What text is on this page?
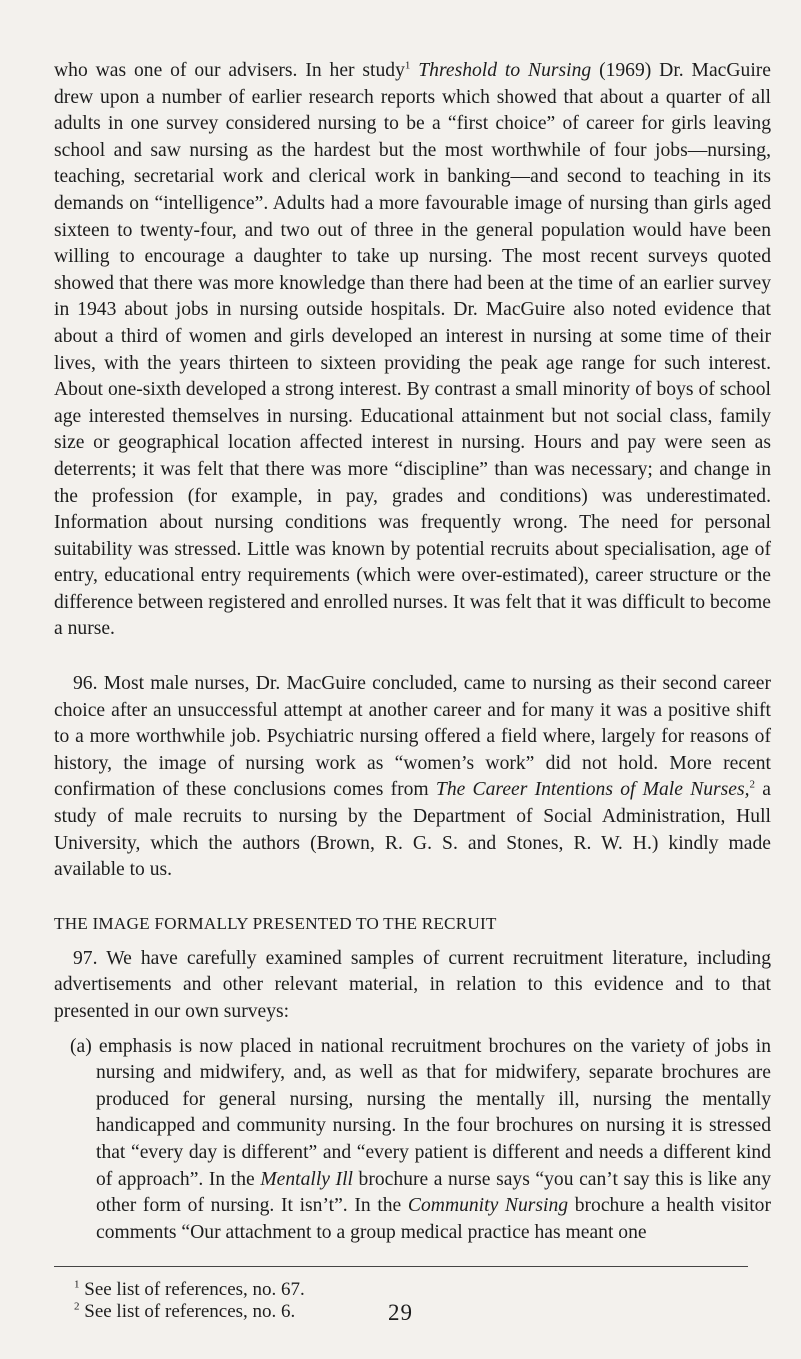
who was one of our advisers. In her study$^1$ Threshold to Nursing (1969) Dr. MacGuire drew upon a number of earlier research reports which showed that about a quarter of all adults in one survey considered nursing to be a “first choice” of career for girls leaving school and saw nursing as the hardest but the most worthwhile of four jobs—nursing, teaching, secretarial work and clerical work in banking—and second to teaching in its demands on “intelligence”. Adults had a more favourable image of nursing than girls aged sixteen to twenty-four, and two out of three in the general population would have been willing to encourage a daughter to take up nursing. The most recent surveys quoted showed that there was more knowledge than there had been at the time of an earlier survey in 1943 about jobs in nursing outside hospitals. Dr. MacGuire also noted evidence that about a third of women and girls developed an interest in nursing at some time of their lives, with the years thirteen to sixteen providing the peak age range for such interest. About one-sixth developed a strong interest. By contrast a small minority of boys of school age interested themselves in nursing. Educational attainment but not social class, family size or geographical location affected interest in nursing. Hours and pay were seen as deterrents; it was felt that there was more “discipline” than was necessary; and change in the profession (for example, in pay, grades and conditions) was underestimated. Information about nursing conditions was frequently wrong. The need for personal suitability was stressed. Little was known by potential recruits about specialisation, age of entry, educational entry requirements (which were over-estimated), career structure or the difference between registered and enrolled nurses. It was felt that it was difficult to become a nurse.

96. Most male nurses, Dr. MacGuire concluded, came to nursing as their second career choice after an unsuccessful attempt at another career and for many it was a positive shift to a more worthwhile job. Psychiatric nursing offered a field where, largely for reasons of history, the image of nursing work as “women’s work” did not hold. More recent confirmation of these conclusions comes from The Career Intentions of Male Nurses,$^2$ a study of male recruits to nursing by the Department of Social Administration, Hull University, which the authors (Brown, R. G. S. and Stones, R. W. H.) kindly made available to us.

THE IMAGE FORMALLY PRESENTED TO THE RECRUIT

97. We have carefully examined samples of current recruitment literature, including advertisements and other relevant material, in relation to this evidence and to that presented in our own surveys:

(a) emphasis is now placed in national recruitment brochures on the variety of jobs in nursing and midwifery, and, as well as that for midwifery, separate brochures are produced for general nursing, nursing the mentally ill, nursing the mentally handicapped and community nursing. In the four brochures on nursing it is stressed that “every day is different” and “every patient is different and needs a different kind of approach”. In the Mentally Ill brochure a nurse says “you can’t say this is like any other form of nursing. It isn’t”. In the Community Nursing brochure a health visitor comments “Our attachment to a group medical practice has meant one

$^1$ See list of references, no. 67.
$^2$ See list of references, no. 6.	29
